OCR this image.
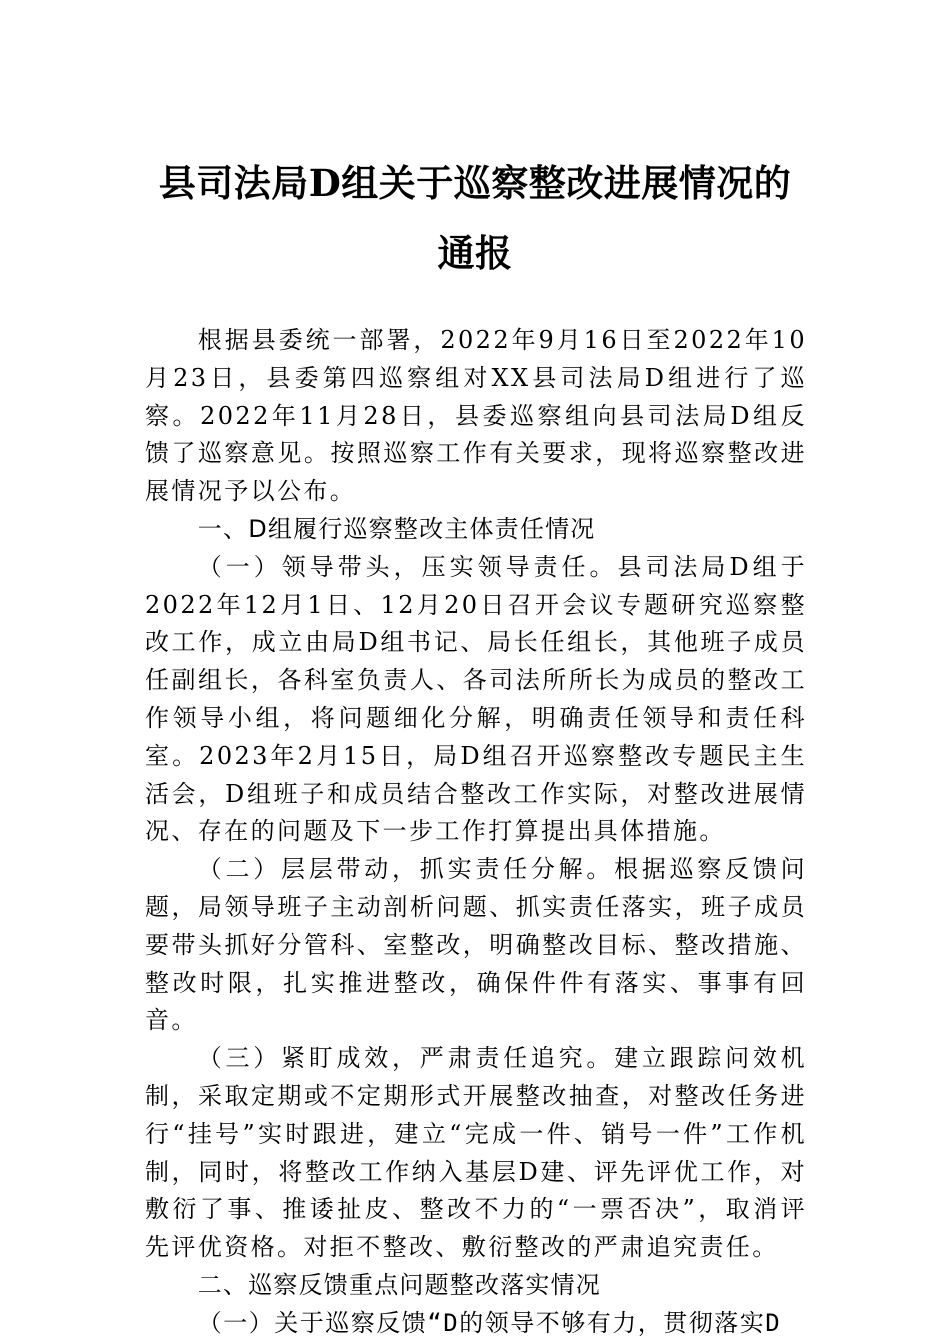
县司法局D组关于巡察整改进展情况的通报

根据县委统一部署，2022年9月16日至2022年10月23日，县委第四巡察组对XX县司法局D组进行了巡察。2022年11月28日，县委巡察组向县司法局D组反馈了巡察意见。按照巡察工作有关要求，现将巡察整改进展情况予以公布。

一、D组履行巡察整改主体责任情况

（一）领导带头，压实领导责任。县司法局D组于2022年12月1日、12月20日召开会议专题研究巡察整改工作，成立由局D组书记、局长任组长，其他班子成员任副组长，各科室负责人、各司法所所长为成员的整改工作领导小组，将问题细化分解，明确责任领导和责任科室。2023年2月15日，局D组召开巡察整改专题民主生活会，D组班子和成员结合整改工作实际，对整改进展情况、存在的问题及下一步工作打算提出具体措施。

（二）层层带动，抓实责任分解。根据巡察反馈问题，局领导班子主动剖析问题、抓实责任落实，班子成员要带头抓好分管科、室整改，明确整改目标、整改措施、整改时限，扎实推进整改，确保件件有落实、事事有回音。

（三）紧盯成效，严肃责任追究。建立跟踪问效机制，采取定期或不定期形式开展整改抽查，对整改任务进行“挂号”实时跟进，建立“完成一件、销号一件”工作机制，同时，将整改工作纳入基层D建、评先评优工作，对敷衍了事、推诿扯皮、整改不力的“一票否决”，取消评先评优资格。对拒不整改、敷衍整改的严肃追究责任。

二、巡察反馈重点问题整改落实情况

（一）关于巡察反馈“D的领导不够有力，贯彻落实D
